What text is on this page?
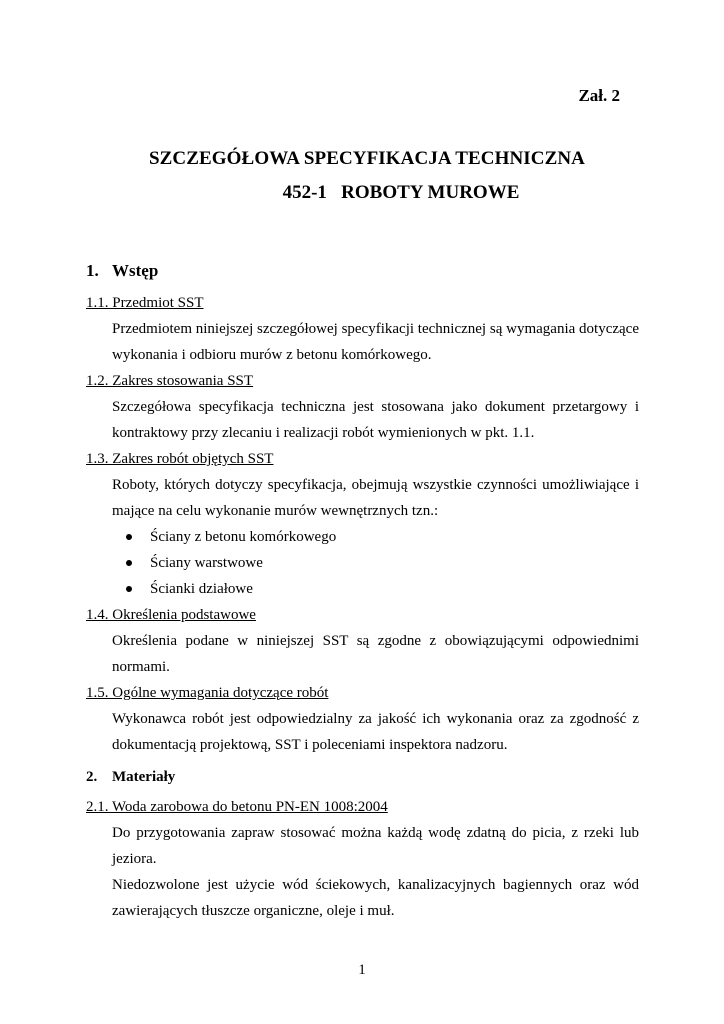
Zał. 2
SZCZEGÓŁOWA SPECYFIKACJA TECHNICZNA
452-1   ROBOTY MUROWE
1. Wstęp

1.1. Przedmiot SST

Przedmiotem niniejszej szczegółowej specyfikacji technicznej są wymagania dotyczące wykonania i odbioru murów z betonu komórkowego.

1.2. Zakres stosowania SST

Szczegółowa specyfikacja techniczna jest stosowana jako dokument przetargowy i kontraktowy przy zlecaniu i realizacji robót wymienionych w pkt. 1.1.

1.3. Zakres robót objętych SST

Roboty, których dotyczy specyfikacja, obejmują wszystkie czynności umożliwiające i mające na celu wykonanie murów wewnętrznych tzn.:

Ściany z betonu komórkowego
Ściany warstwowe
Ścianki działowe

1.4. Określenia podstawowe

Określenia podane w niniejszej SST są zgodne z obowiązującymi odpowiednimi normami.

1.5. Ogólne wymagania dotyczące robót

Wykonawca robót jest odpowiedzialny za jakość ich wykonania oraz za zgodność z dokumentacją projektową, SST i poleceniami inspektora nadzoru.

2. Materiały

2.1. Woda zarobowa do betonu PN-EN 1008:2004

Do przygotowania zapraw stosować można każdą wodę zdatną do picia, z rzeki lub jeziora.

Niedozwolone jest użycie wód ściekowych, kanalizacyjnych bagiennych oraz wód zawierających tłuszcze organiczne, oleje i muł.

1
